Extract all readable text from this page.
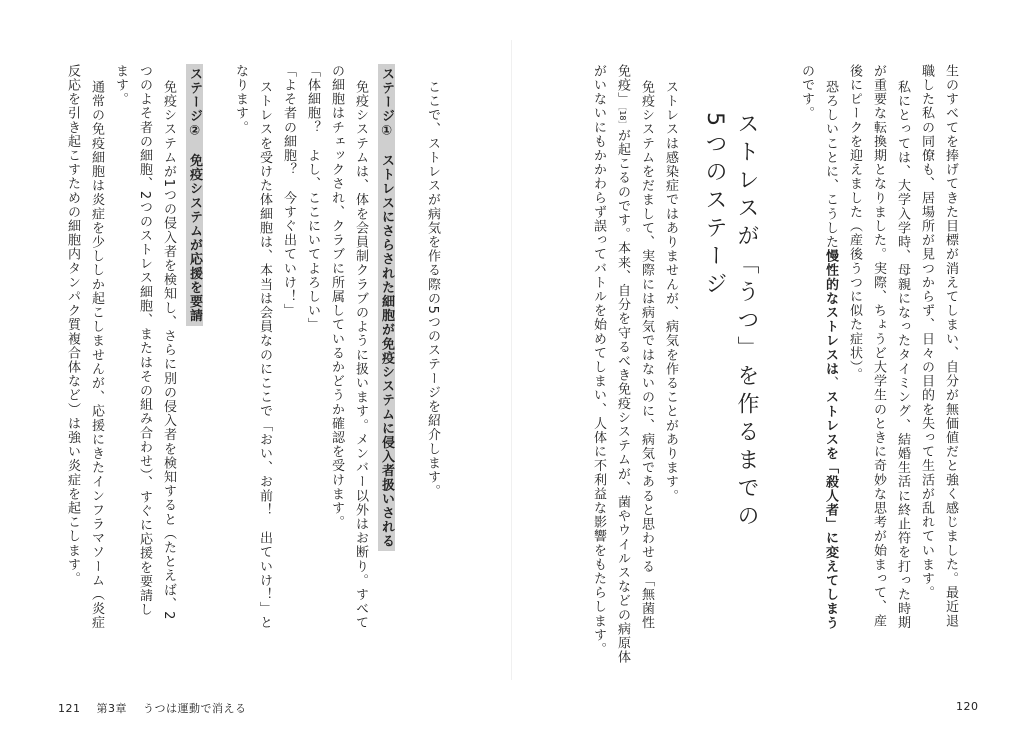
生のすべてを捧げてきた目標が消えてしまい、自分が無価値だと強く感じました。最近退
職した私の同僚も、居場所が見つからず、日々の目的を失って生活が乱れています。
私にとっては、大学入学時、母親になったタイミング、結婚生活に終止符を打った時期
が重要な転換期となりました。実際、ちょうど大学生のときに奇妙な思考が始まって、産
後にピークを迎えました（産後うつに似た症状）。
恐ろしいことに、こうした慢性的なストレスは、ストレスを「殺人者」に変えてしまう
のです。
ストレスが「うつ」を作るまでの
5つのステージ
ストレスは感染症ではありませんが、病気を作ることがあります。
免疫システムをだまして、実際には病気ではないのに、病気であると思わせる「無菌性
免疫」［18］が起こるのです。本来、自分を守るべき免疫システムが、菌やウイルスなどの病原体
がいないにもかかわらず誤ってバトルを始めてしまい、人体に不利益な影響をもたらします。
120
ここで、ストレスが病気を作る際の5つのステージを紹介します。
ステージ①　ストレスにさらされた細胞が免疫システムに侵入者扱いされる
免疫システムは、体を会員制クラブのように扱います。メンバー以外はお断り。すべて
の細胞はチェックされ、クラブに所属しているかどうか確認を受けます。
「体細胞？　よし、ここにいてよろしい」
「よそ者の細胞？　今すぐ出ていけ！」
ストレスを受けた体細胞は、本当は会員なのにここで「おい、お前！　出ていけ！」と
なります。
ステージ②　免疫システムが応援を要請
免疫システムが1つの侵入者を検知し、さらに別の侵入者を検知すると（たとえば、2
つのよそ者の細胞、2つのストレス細胞、またはその組み合わせ）、すぐに応援を要請し
ます。
通常の免疫細胞は炎症を少ししか起こしませんが、応援にきたインフラマソーム（炎症
反応を引き起こすための細胞内タンパク質複合体など）は強い炎症を起こします。
121 第3章 うつは運動で消える
